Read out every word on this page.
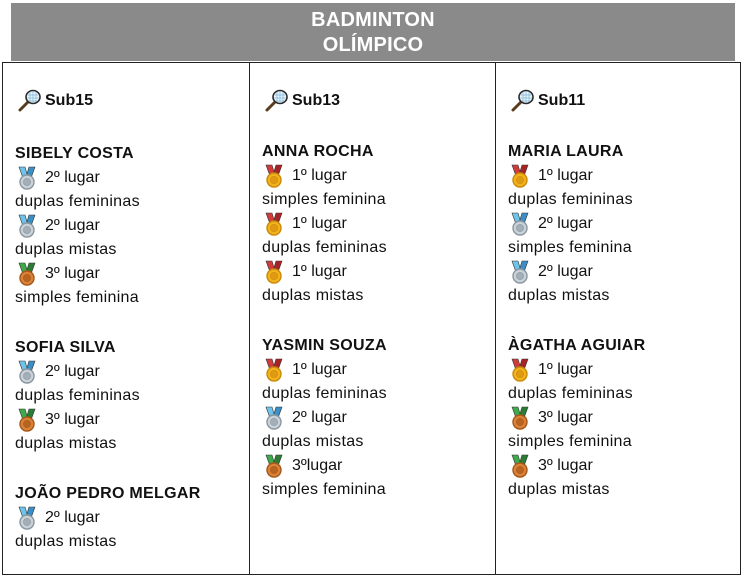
BADMINTON
OLÍMPICO
Sub15
SIBELY COSTA
2º lugar
duplas femininas
2º lugar
duplas mistas
3º lugar
simples feminina
SOFIA SILVA
2º lugar
duplas femininas
3º lugar
duplas mistas
JOÃO PEDRO MELGAR
2º lugar
duplas mistas
Sub13
ANNA ROCHA
1º lugar
simples feminina
1º lugar
duplas femininas
1º lugar
duplas mistas
YASMIN SOUZA
1º lugar
duplas femininas
2º lugar
duplas mistas
3ºlugar
simples feminina
Sub11
MARIA LAURA
1º lugar
duplas femininas
2º lugar
simples feminina
2º lugar
duplas mistas
ÀGATHA AGUIAR
1º lugar
duplas femininas
3º lugar
simples feminina
3º lugar
duplas mistas
